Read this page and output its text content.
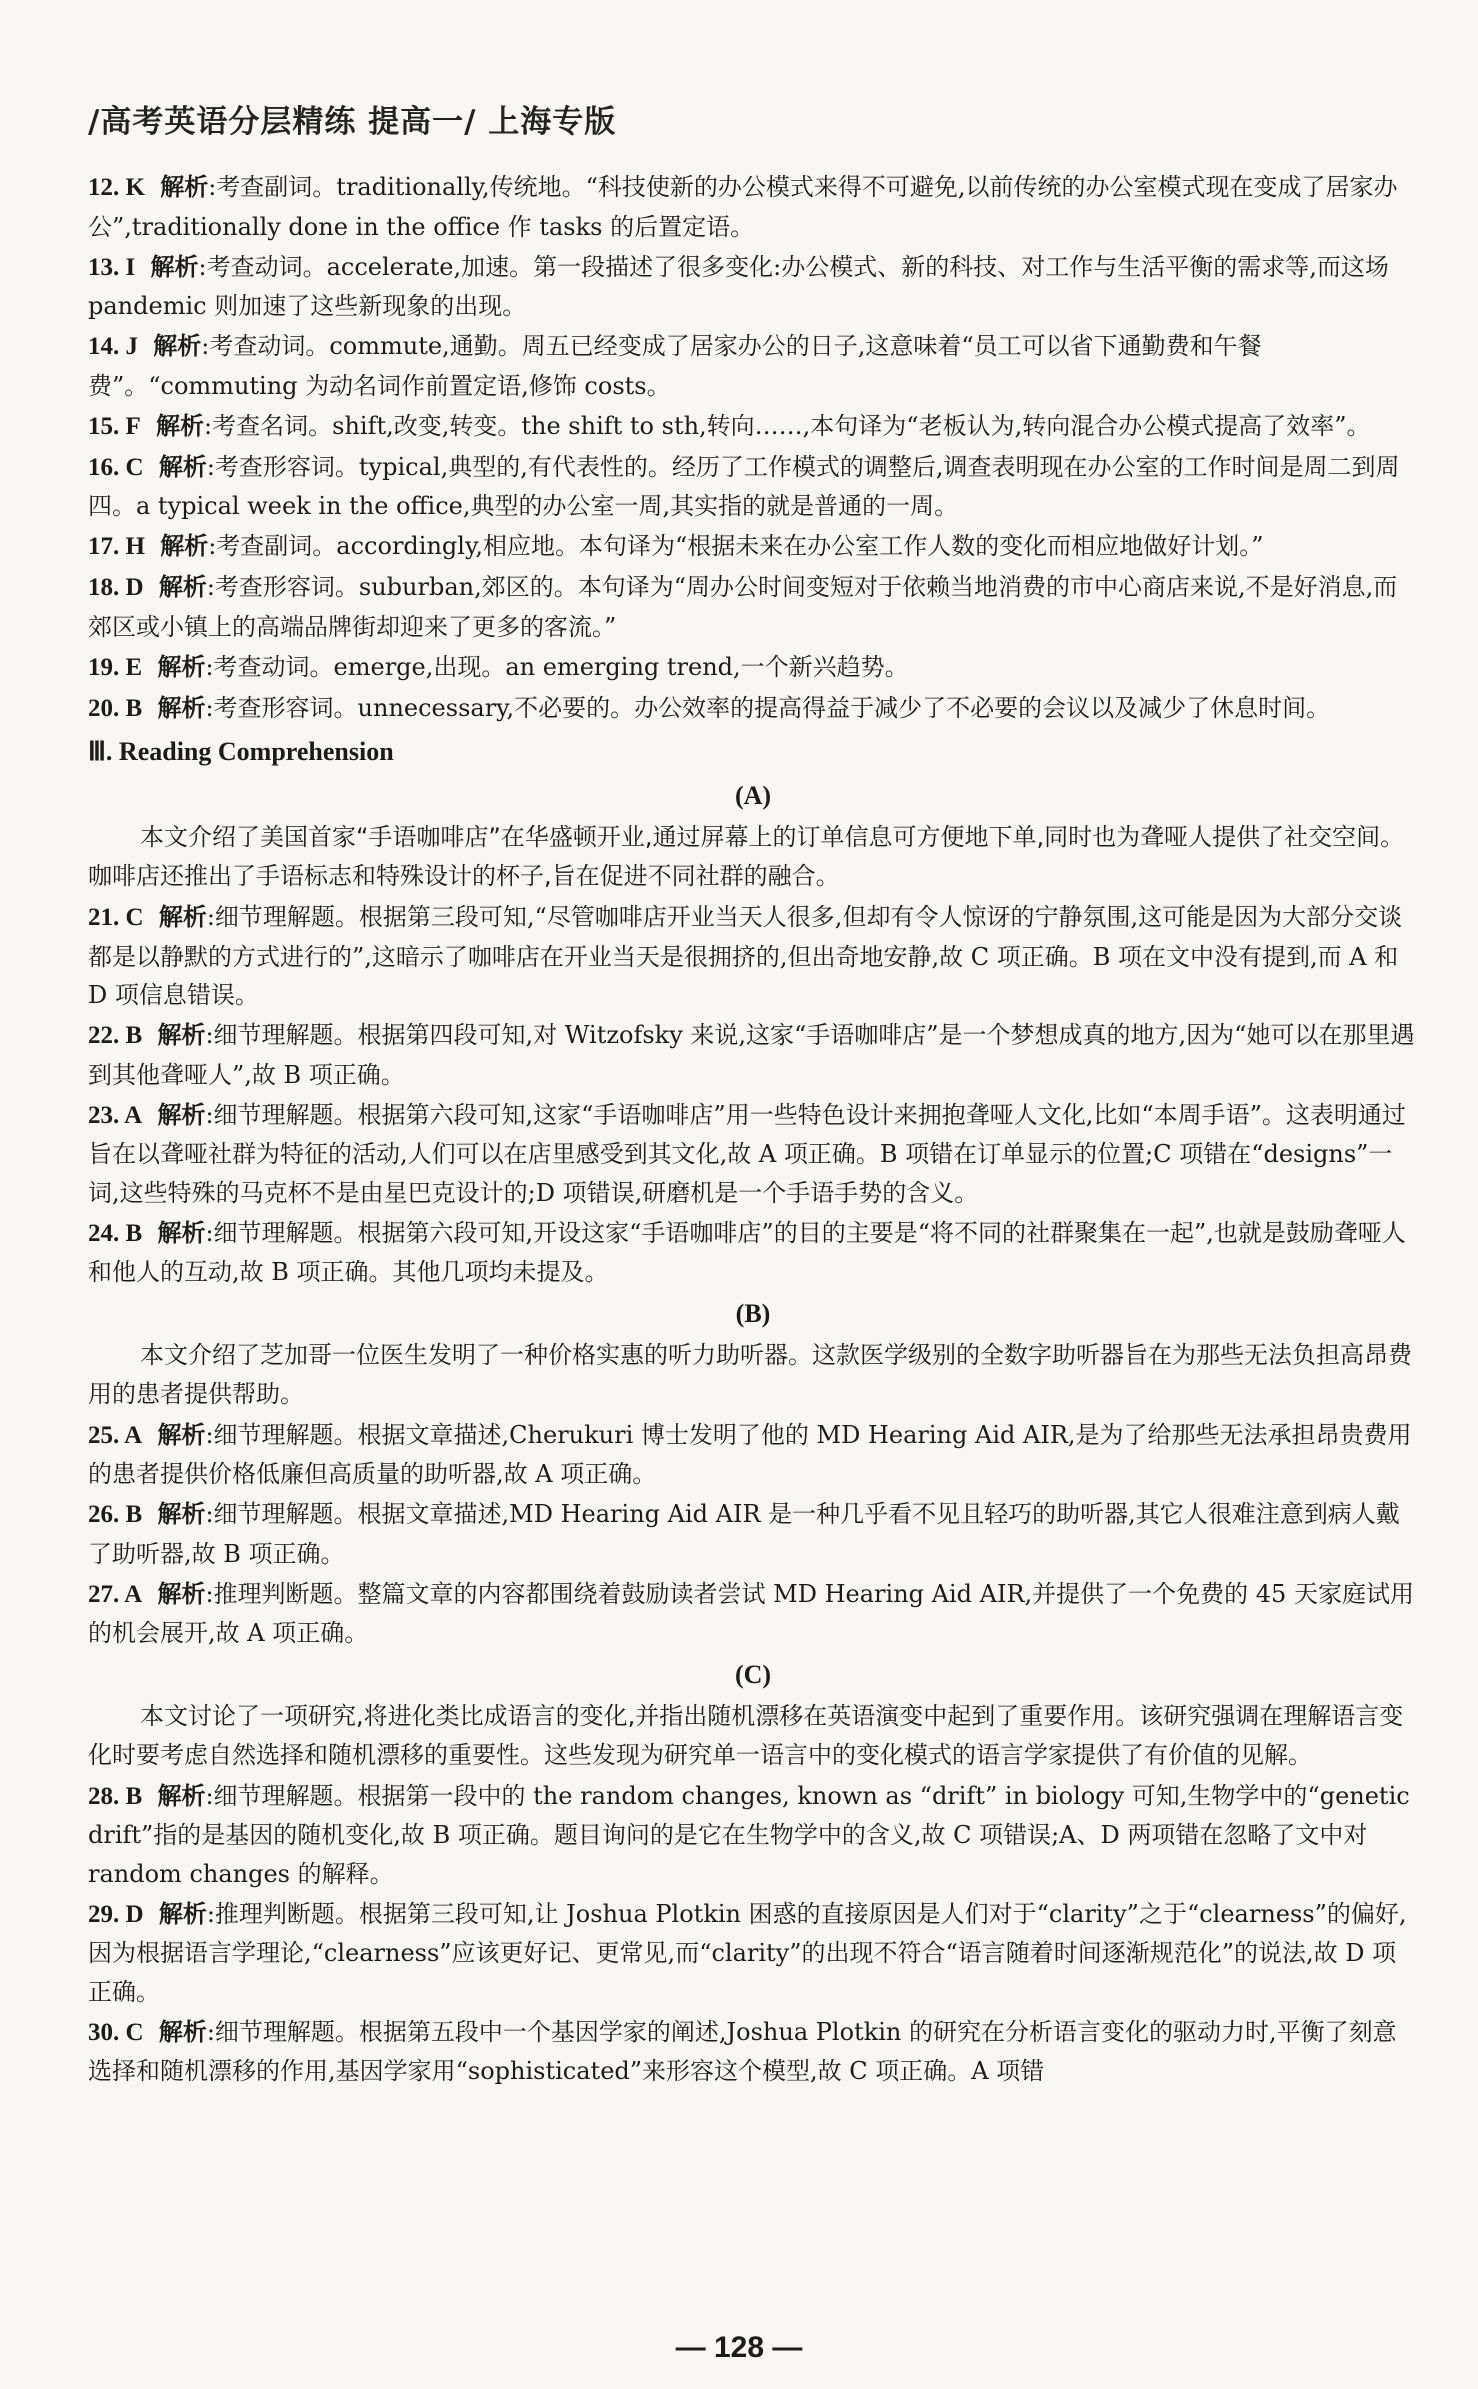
/高考英语分层精练 提高一/ 上海专版

12. K 解析:考查副词。traditionally,传统地。“科技使新的办公模式来得不可避免,以前传统的办公室模式现在变成了居家办公”,traditionally done in the office 作 tasks 的后置定语。

13. I 解析:考查动词。accelerate,加速。第一段描述了很多变化:办公模式、新的科技、对工作与生活平衡的需求等,而这场 pandemic 则加速了这些新现象的出现。

14. J 解析:考查动词。commute,通勤。周五已经变成了居家办公的日子,这意味着“员工可以省下通勤费和午餐费”。“commuting 为动名词作前置定语,修饰 costs。

15. F 解析:考查名词。shift,改变,转变。the shift to sth,转向……,本句译为“老板认为,转向混合办公模式提高了效率”。

16. C 解析:考查形容词。typical,典型的,有代表性的。经历了工作模式的调整后,调查表明现在办公室的工作时间是周二到周四。a typical week in the office,典型的办公室一周,其实指的就是普通的一周。

17. H 解析:考查副词。accordingly,相应地。本句译为“根据未来在办公室工作人数的变化而相应地做好计划。”

18. D 解析:考查形容词。suburban,郊区的。本句译为“周办公时间变短对于依赖当地消费的市中心商店来说,不是好消息,而郊区或小镇上的高端品牌街却迎来了更多的客流。”

19. E 解析:考查动词。emerge,出现。an emerging trend,一个新兴趋势。

20. B 解析:考查形容词。unnecessary,不必要的。办公效率的提高得益于减少了不必要的会议以及减少了休息时间。

Ⅲ. Reading Comprehension
(A)

本文介绍了美国首家“手语咖啡店”在华盛顿开业,通过屏幕上的订单信息可方便地下单,同时也为聋哑人提供了社交空间。咖啡店还推出了手语标志和特殊设计的杯子,旨在促进不同社群的融合。

21. C 解析:细节理解题。根据第三段可知,“尽管咖啡店开业当天人很多,但却有令人惊讶的宁静氛围,这可能是因为大部分交谈都是以静默的方式进行的”,这暗示了咖啡店在开业当天是很拥挤的,但出奇地安静,故 C 项正确。B 项在文中没有提到,而 A 和 D 项信息错误。

22. B 解析:细节理解题。根据第四段可知,对 Witzofsky 来说,这家“手语咖啡店”是一个梦想成真的地方,因为“她可以在那里遇到其他聋哑人”,故 B 项正确。

23. A 解析:细节理解题。根据第六段可知,这家“手语咖啡店”用一些特色设计来拥抱聋哑人文化,比如“本周手语”。这表明通过旨在以聋哑社群为特征的活动,人们可以在店里感受到其文化,故 A 项正确。B 项错在订单显示的位置;C 项错在“designs”一词,这些特殊的马克杯不是由星巴克设计的;D 项错误,研磨机是一个手语手势的含义。

24. B 解析:细节理解题。根据第六段可知,开设这家“手语咖啡店”的目的主要是“将不同的社群聚集在一起”,也就是鼓励聋哑人和他人的互动,故 B 项正确。其他几项均未提及。

(B)

本文介绍了芝加哥一位医生发明了一种价格实惠的听力助听器。这款医学级别的全数字助听器旨在为那些无法负担高昂费用的患者提供帮助。

25. A 解析:细节理解题。根据文章描述,Cherukuri 博士发明了他的 MD Hearing Aid AIR,是为了给那些无法承担昂贵费用的患者提供价格低廉但高质量的助听器,故 A 项正确。

26. B 解析:细节理解题。根据文章描述,MD Hearing Aid AIR 是一种几乎看不见且轻巧的助听器,其它人很难注意到病人戴了助听器,故 B 项正确。

27. A 解析:推理判断题。整篇文章的内容都围绕着鼓励读者尝试 MD Hearing Aid AIR,并提供了一个免费的 45 天家庭试用的机会展开,故 A 项正确。

(C)

本文讨论了一项研究,将进化类比成语言的变化,并指出随机漂移在英语演变中起到了重要作用。该研究强调在理解语言变化时要考虑自然选择和随机漂移的重要性。这些发现为研究单一语言中的变化模式的语言学家提供了有价值的见解。

28. B 解析:细节理解题。根据第一段中的 the random changes, known as “drift” in biology 可知,生物学中的“genetic drift”指的是基因的随机变化,故 B 项正确。题目询问的是它在生物学中的含义,故 C 项错误;A、D 两项错在忽略了文中对 random changes 的解释。

29. D 解析:推理判断题。根据第三段可知,让 Joshua Plotkin 困惑的直接原因是人们对于“clarity”之于“clearness”的偏好,因为根据语言学理论,“clearness”应该更好记、更常见,而“clarity”的出现不符合“语言随着时间逐渐规范化”的说法,故 D 项正确。

30. C 解析:细节理解题。根据第五段中一个基因学家的阐述,Joshua Plotkin 的研究在分析语言变化的驱动力时,平衡了刻意选择和随机漂移的作用,基因学家用“sophisticated”来形容这个模型,故 C 项正确。A 项错

— 128 —
